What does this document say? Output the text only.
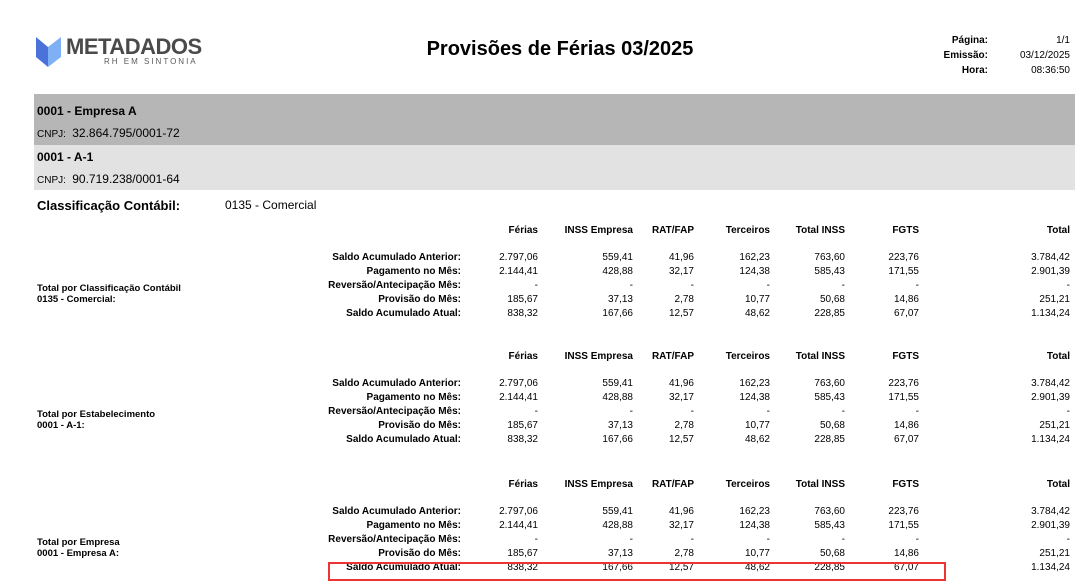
METADADOS
RH EM SINTONIA
Provisões de Férias 03/2025	Página:	1/1
Emissão:	03/12/2025
Hora:	08:36:50
0001 - Empresa A
CNPJ: 32.864.795/0001-72
0001 - A-1
CNPJ: 90.719.238/0001-64
Classificação Contábil:	0135 - Comercial
Férias	INSS Empresa	RAT/FAP	Terceiros	Total INSS	FGTS	Total
Saldo Acumulado Anterior:	2.797,06	559,41	41,96	162,23	763,60	223,76	3.784,42
Pagamento no Mês:	2.144,41	428,88	32,17	124,38	585,43	171,55	2.901,39
Reversão/Antecipação Mês:	-	-	-	-	-	-	-
Provisão do Mês:	185,67	37,13	2,78	10,77	50,68	14,86	251,21
Saldo Acumulado Atual:	838,32	167,66	12,57	48,62	228,85	67,07	1.134,24
Total por Classificação Contábil
0135 - Comercial:
Férias	INSS Empresa	RAT/FAP	Terceiros	Total INSS	FGTS	Total
Saldo Acumulado Anterior:	2.797,06	559,41	41,96	162,23	763,60	223,76	3.784,42
Pagamento no Mês:	2.144,41	428,88	32,17	124,38	585,43	171,55	2.901,39
Reversão/Antecipação Mês:	-	-	-	-	-	-	-
Provisão do Mês:	185,67	37,13	2,78	10,77	50,68	14,86	251,21
Saldo Acumulado Atual:	838,32	167,66	12,57	48,62	228,85	67,07	1.134,24
Total por Estabelecimento
0001 - A-1:
Férias	INSS Empresa	RAT/FAP	Terceiros	Total INSS	FGTS	Total
Saldo Acumulado Anterior:	2.797,06	559,41	41,96	162,23	763,60	223,76	3.784,42
Pagamento no Mês:	2.144,41	428,88	32,17	124,38	585,43	171,55	2.901,39
Reversão/Antecipação Mês:	-	-	-	-	-	-	-
Provisão do Mês:	185,67	37,13	2,78	10,77	50,68	14,86	251,21
Saldo Acumulado Atual:	838,32	167,66	12,57	48,62	228,85	67,07	1.134,24
Total por Empresa
0001 - Empresa A:
